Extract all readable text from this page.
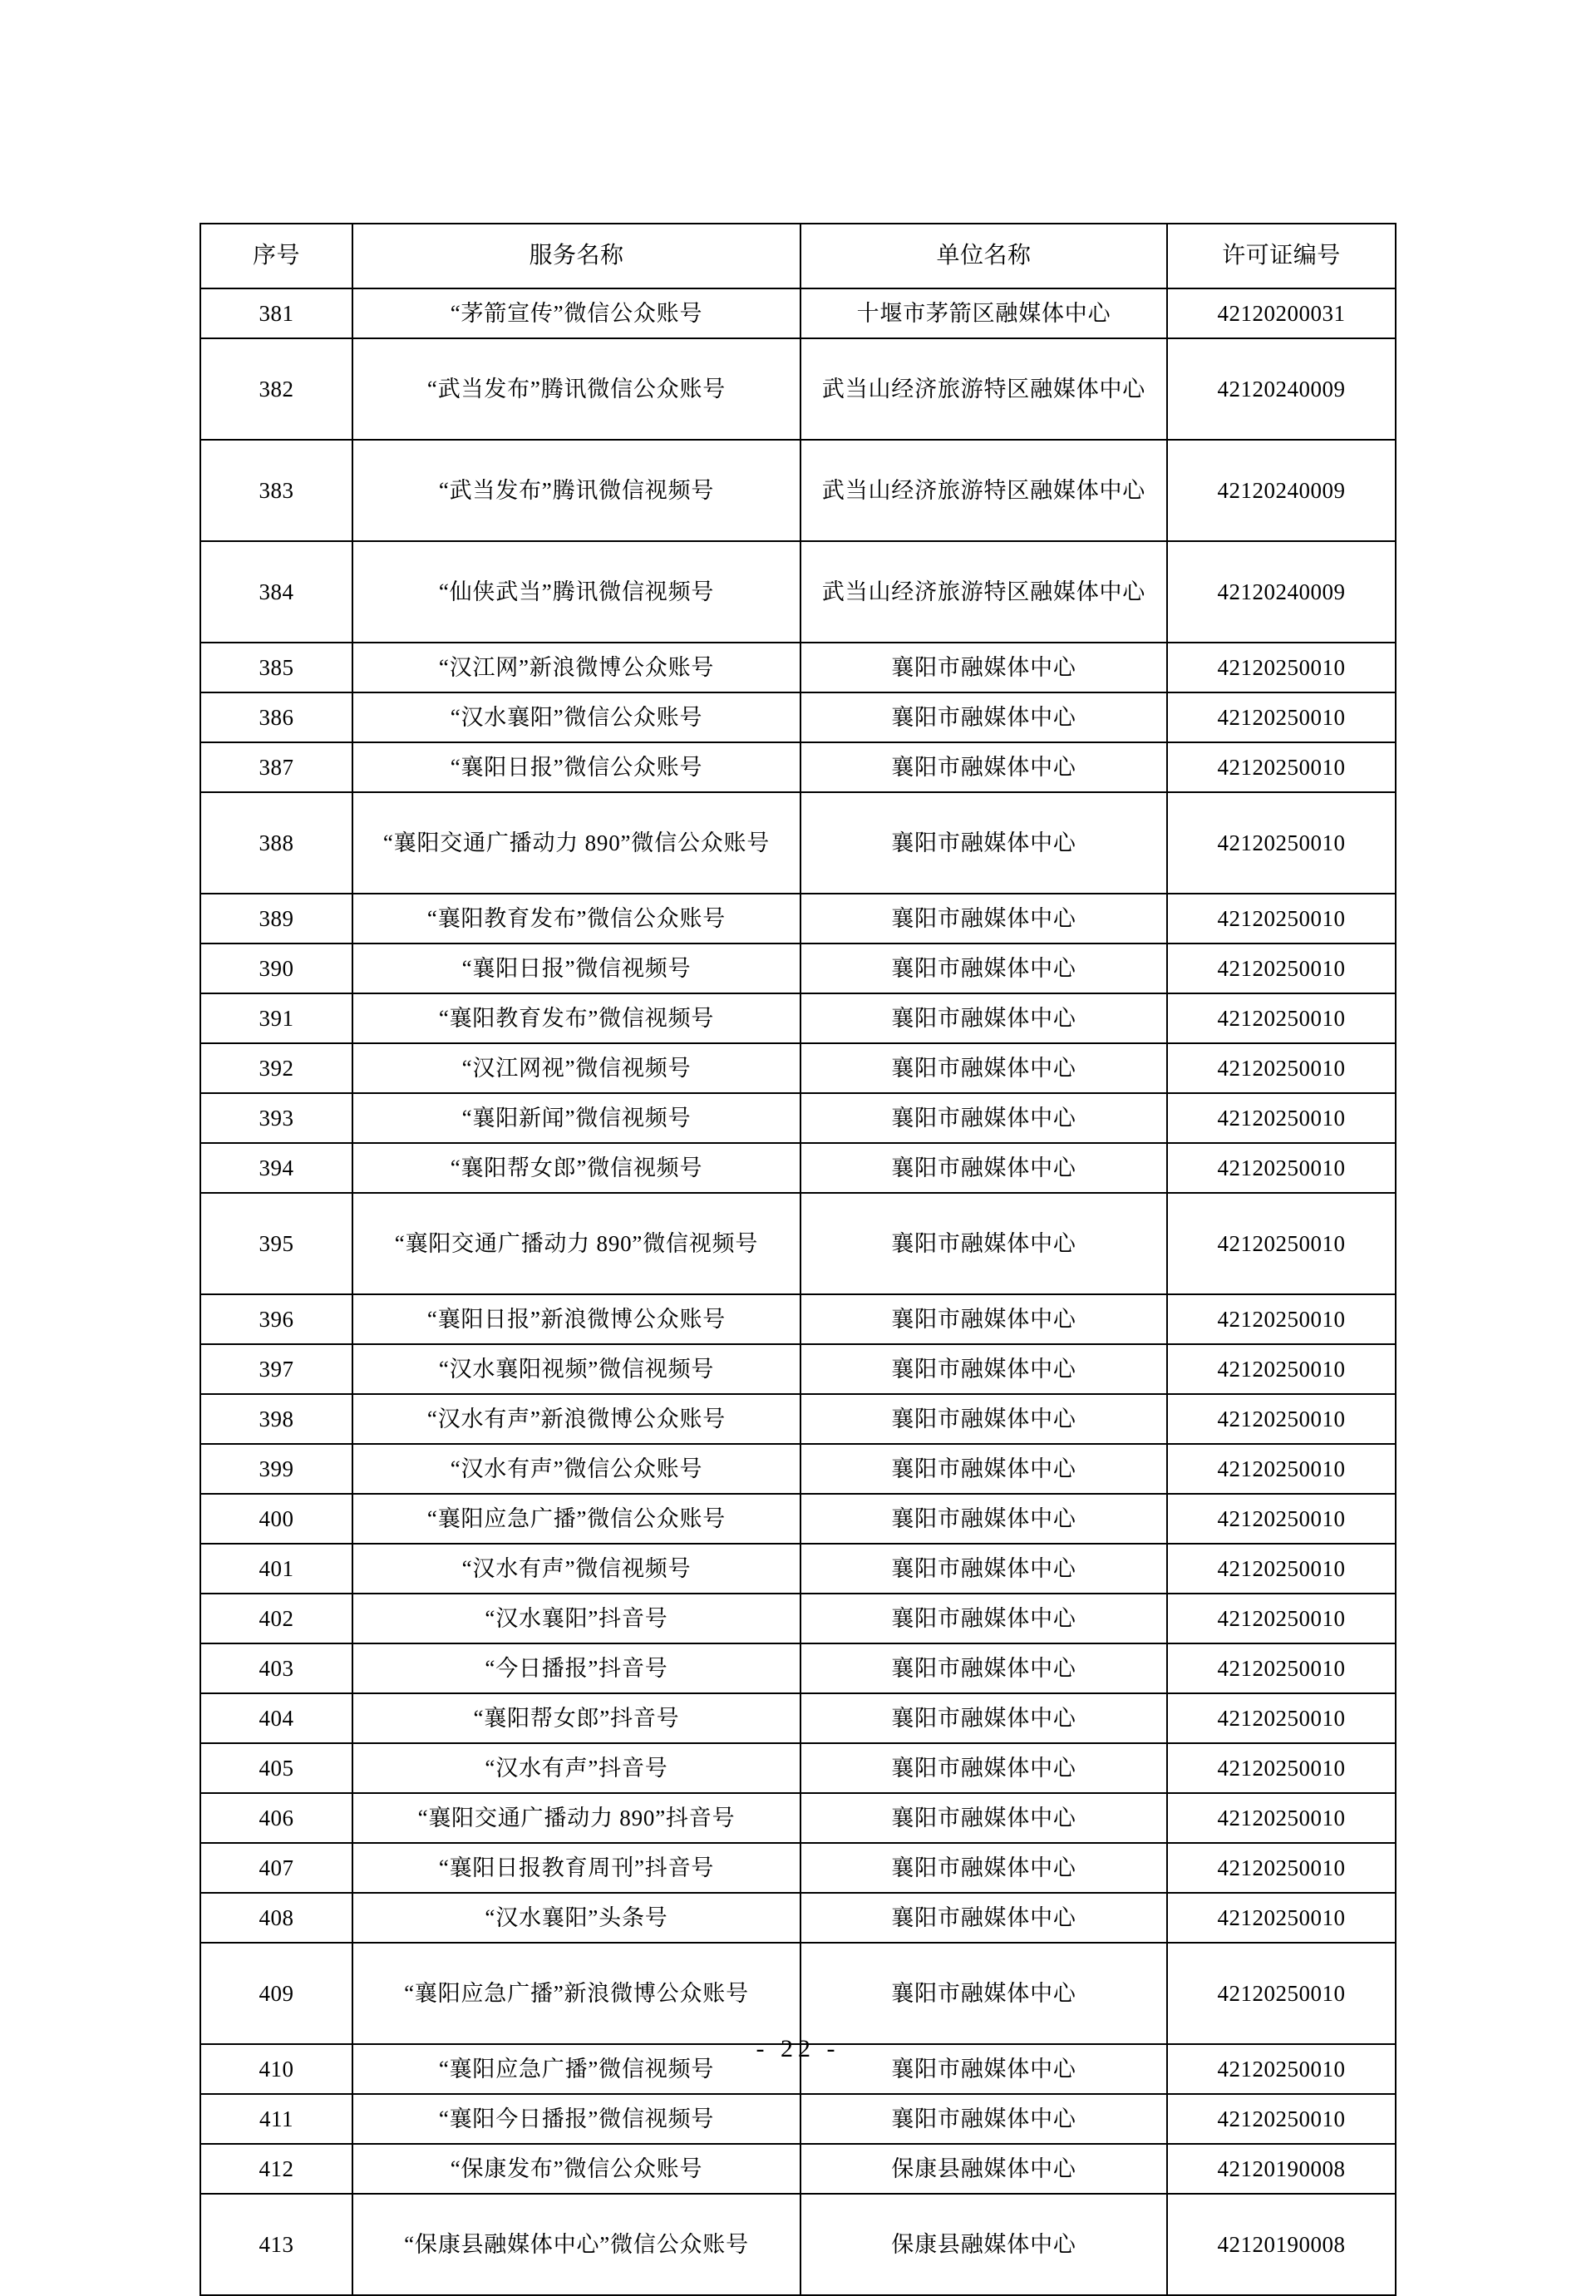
序号	服务名称	单位名称	许可证编号
381	“茅箭宣传”微信公众账号	十堰市茅箭区融媒体中心	42120200031
382	“武当发布”腾讯微信公众账号	武当山经济旅游特区融媒体中心	42120240009
383	“武当发布”腾讯微信视频号	武当山经济旅游特区融媒体中心	42120240009
384	“仙侠武当”腾讯微信视频号	武当山经济旅游特区融媒体中心	42120240009
385	“汉江网”新浪微博公众账号	襄阳市融媒体中心	42120250010
386	“汉水襄阳”微信公众账号	襄阳市融媒体中心	42120250010
387	“襄阳日报”微信公众账号	襄阳市融媒体中心	42120250010
388	“襄阳交通广播动力 890”微信公众账号	襄阳市融媒体中心	42120250010
389	“襄阳教育发布”微信公众账号	襄阳市融媒体中心	42120250010
390	“襄阳日报”微信视频号	襄阳市融媒体中心	42120250010
391	“襄阳教育发布”微信视频号	襄阳市融媒体中心	42120250010
392	“汉江网视”微信视频号	襄阳市融媒体中心	42120250010
393	“襄阳新闻”微信视频号	襄阳市融媒体中心	42120250010
394	“襄阳帮女郎”微信视频号	襄阳市融媒体中心	42120250010
395	“襄阳交通广播动力 890”微信视频号	襄阳市融媒体中心	42120250010
396	“襄阳日报”新浪微博公众账号	襄阳市融媒体中心	42120250010
397	“汉水襄阳视频”微信视频号	襄阳市融媒体中心	42120250010
398	“汉水有声”新浪微博公众账号	襄阳市融媒体中心	42120250010
399	“汉水有声”微信公众账号	襄阳市融媒体中心	42120250010
400	“襄阳应急广播”微信公众账号	襄阳市融媒体中心	42120250010
401	“汉水有声”微信视频号	襄阳市融媒体中心	42120250010
402	“汉水襄阳”抖音号	襄阳市融媒体中心	42120250010
403	“今日播报”抖音号	襄阳市融媒体中心	42120250010
404	“襄阳帮女郎”抖音号	襄阳市融媒体中心	42120250010
405	“汉水有声”抖音号	襄阳市融媒体中心	42120250010
406	“襄阳交通广播动力 890”抖音号	襄阳市融媒体中心	42120250010
407	“襄阳日报教育周刊”抖音号	襄阳市融媒体中心	42120250010
408	“汉水襄阳”头条号	襄阳市融媒体中心	42120250010
409	“襄阳应急广播”新浪微博公众账号	襄阳市融媒体中心	42120250010
410	“襄阳应急广播”微信视频号	襄阳市融媒体中心	42120250010
411	“襄阳今日播报”微信视频号	襄阳市融媒体中心	42120250010
412	“保康发布”微信公众账号	保康县融媒体中心	42120190008
413	“保康县融媒体中心”微信公众账号	保康县融媒体中心	42120190008
- 22 -
